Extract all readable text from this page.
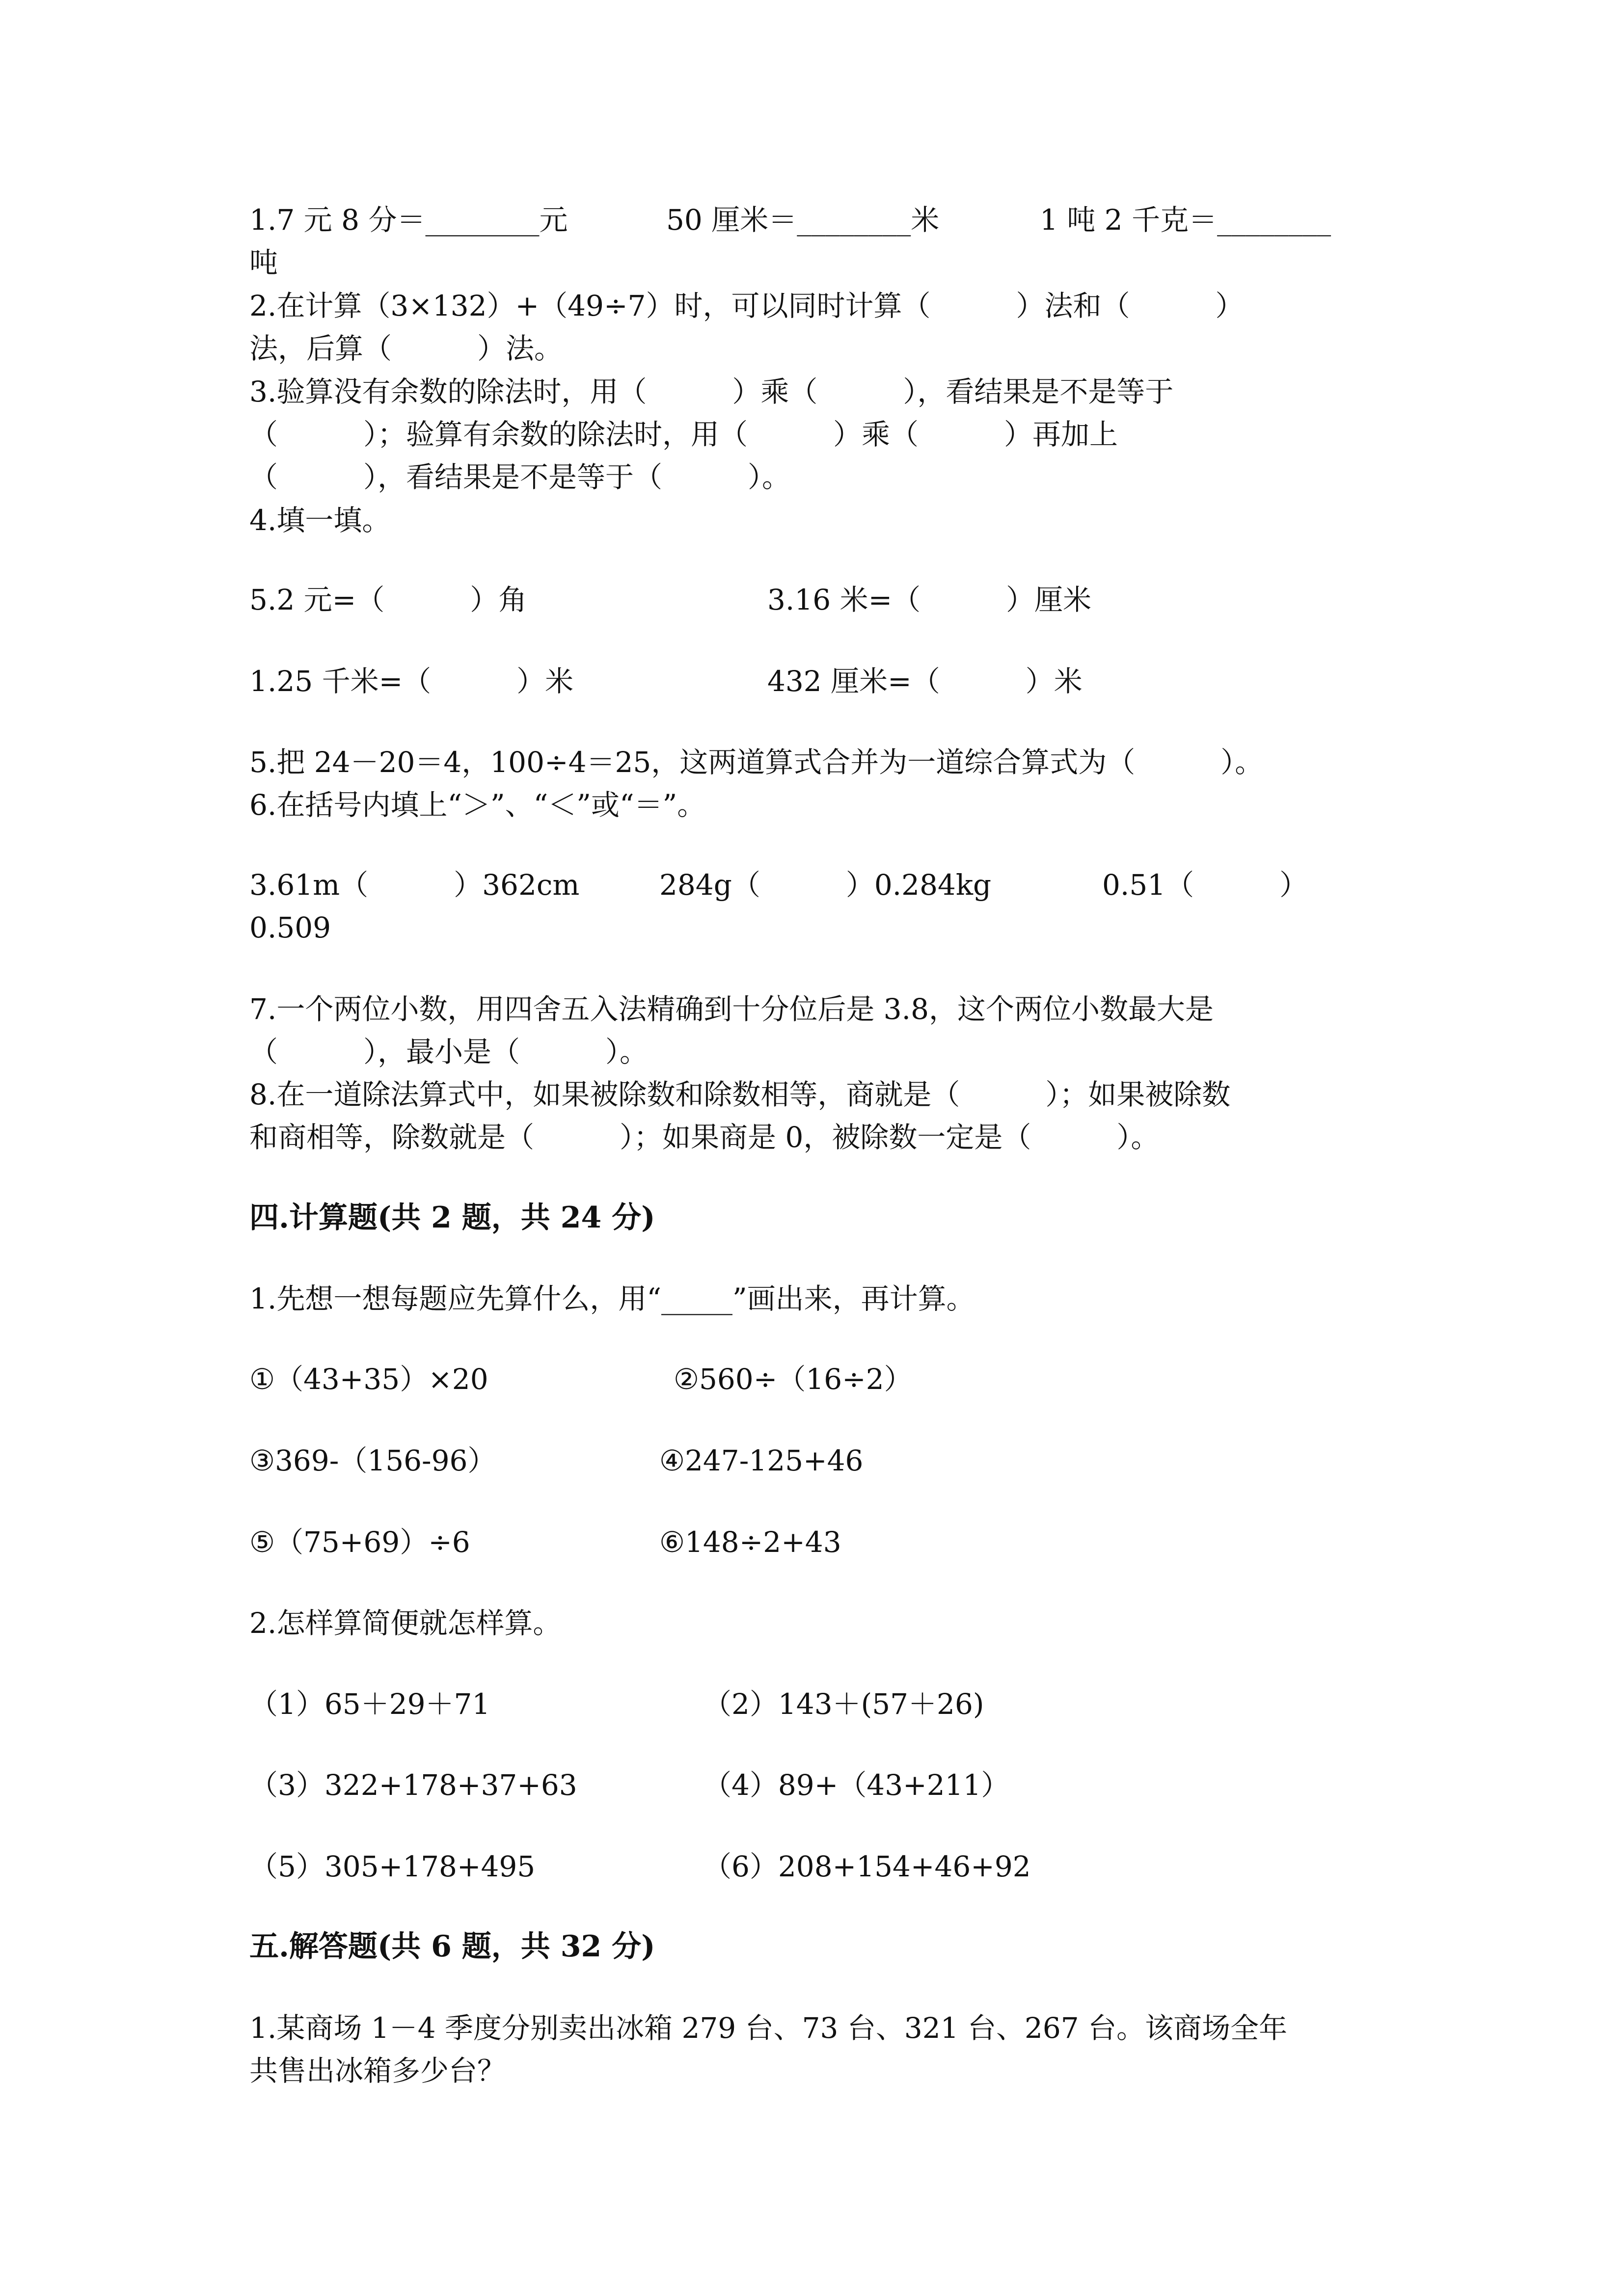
1.7 元 8 分＝________元	50 厘米＝________米	1 吨 2 千克＝________
吨

2.在计算（3×132）+（49÷7）时，可以同时计算（　　　）法和（　　　）

法，后算（　　　）法。

3.验算没有余数的除法时，用（　　　）乘（　　　），看结果是不是等于

（　　　）；验算有余数的除法时，用（　　　）乘（　　　）再加上

（　　　），看结果是不是等于（　　　）。

4.填一填。

5.2 元=（　　　）角	3.16 米=（　　　）厘米
1.25 千米=（　　　）米	432 厘米=（　　　）米

5.把 24－20＝4，100÷4＝25，这两道算式合并为一道综合算式为（　　　）。

6.在括号内填上“＞”、“＜”或“＝”。

3.61m（　　　）362cm	284g（　　　）0.284kg	0.51（　　　）
0.509

7.一个两位小数，用四舍五入法精确到十分位后是 3.8，这个两位小数最大是

（　　　），最小是（　　　）。

8.在一道除法算式中，如果被除数和除数相等，商就是（　　　）；如果被除数

和商相等，除数就是（　　　）；如果商是 0，被除数一定是（　　　）。

四.计算题(共 2 题，共 24 分)

1.先想一想每题应先算什么，用“_____”画出来，再计算。

①（43+35）×20	②560÷（16÷2）
③369-（156-96）	④247-125+46
⑤（75+69）÷6	⑥148÷2+43

2.怎样算简便就怎样算。

（1）65＋29＋71	（2）143＋(57＋26)
（3）322+178+37+63	（4）89+（43+211）
（5）305+178+495	（6）208+154+46+92

五.解答题(共 6 题，共 32 分)

1.某商场 1－4 季度分别卖出冰箱 279 台、73 台、321 台、267 台。该商场全年

共售出冰箱多少台？
